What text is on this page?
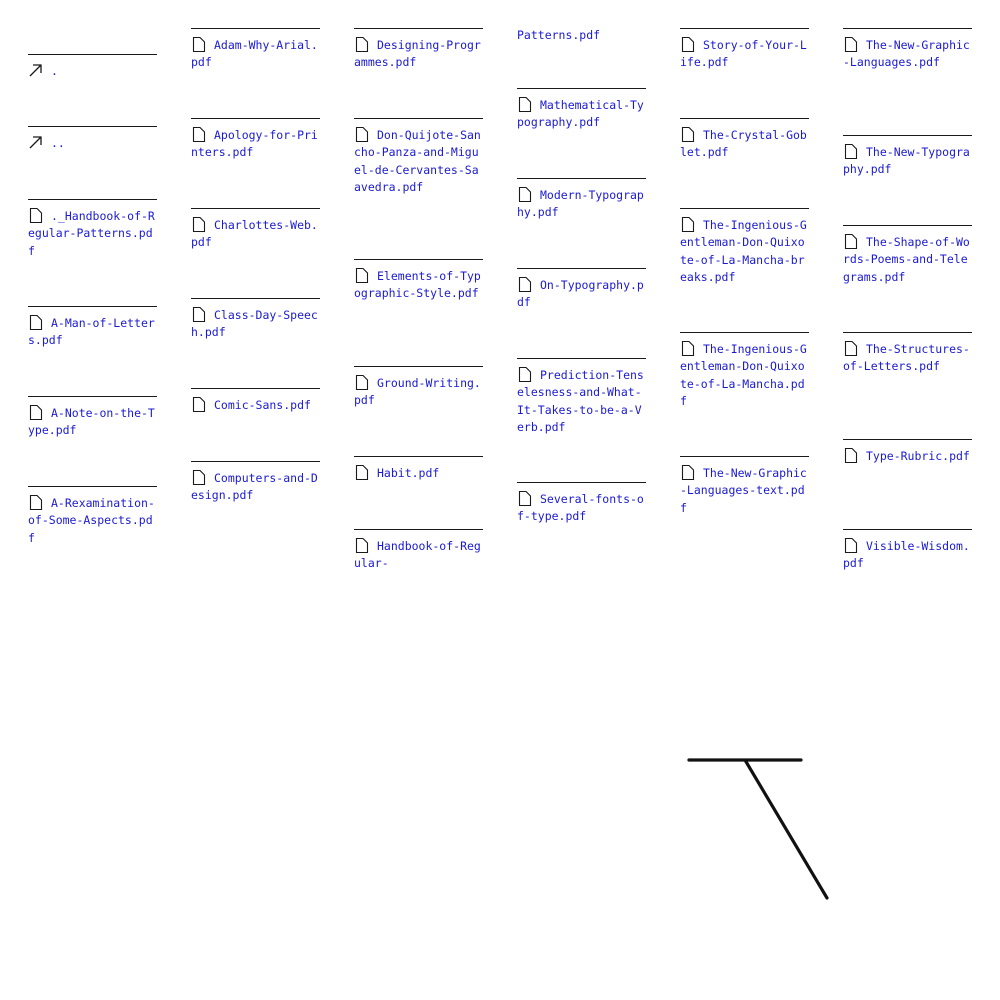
.
..
._Handbook-of-Regular-Patterns.pdf
A-Man-of-Letters.pdf
A-Note-on-the-Type.pdf
A-Rexamination-of-Some-Aspects.pdf
Adam-Why-Arial.pdf
Apology-for-Printers.pdf
Charlottes-Web.pdf
Class-Day-Speech.pdf
Comic-Sans.pdf
Computers-and-Design.pdf
Designing-Programmes.pdf
Don-Quijote-Sancho-Panza-and-Miguel-de-Cervantes-Saavedra.pdf
Elements-of-Typographic-Style.pdf
Ground-Writing.pdf
Habit.pdf
Handbook-of-Regular-
Patterns.pdf
Mathematical-Typography.pdf
Modern-Typography.pdf
On-Typography.pdf
Prediction-Tenselesness-and-What-It-Takes-to-be-a-Verb.pdf
Several-fonts-of-type.pdf
Story-of-Your-Life.pdf
The-Crystal-Goblet.pdf
The-Ingenious-Gentleman-Don-Quixote-of-La-Mancha-breaks.pdf
The-Ingenious-Gentleman-Don-Quixote-of-La-Mancha.pdf
The-New-Graphic-Languages-text.pdf
The-New-Graphic-Languages.pdf
The-New-Typography.pdf
The-Shape-of-Words-Poems-and-Telegrams.pdf
The-Structures-of-Letters.pdf
Type-Rubric.pdf
Visible-Wisdom.pdf
